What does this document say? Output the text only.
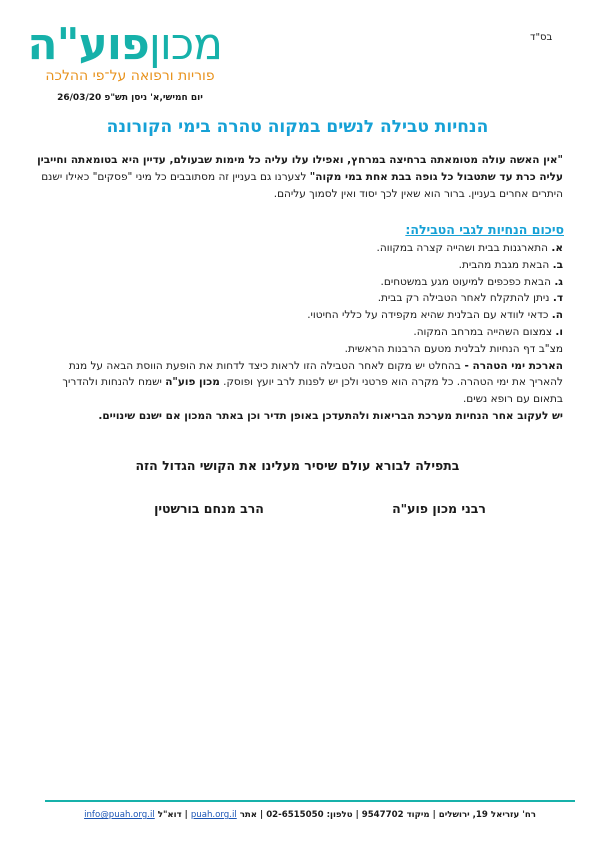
בס"ד
מכוןפוע"ה
פוריות ורפואה על־פי ההלכה
יום חמישי,א' ניסן תש"פ 26/03/20
הנחיות טבילה לנשים במקוה טהרה בימי הקורונה
"אין האשה עולה מטומאתה ברחיצה במרחץ, ואפילו עלו עליה כל מימות שבעולם, עדיין היא בטומאתה וחייבין עליה כרת עד שתטבול כל גופה בבת אחת במי מקוה" לצערנו גם בעניין זה מסתובבים כל מיני "פסקים" כאילו ישנם היתרים אחרים בעניין. ברור הוא שאין לכך יסוד ואין לסמוך עליהם.
סיכום הנחיות לגבי הטבילה:
א. התארגנות בבית ושהייה קצרה במקווה.
ב. הבאת מגבת מהבית.
ג. הבאת כפכפים למיעוט מגע במשטחים.
ד. ניתן להתקלח לאחר הטבילה רק בבית.
ה. כדאי לוודא עם הבלנית שהיא מקפידה על כללי החיטוי.
ו. צמצום השהייה במרחב המקוה.
מצ"ב דף הנחיות לבלנית מטעם הרבנות הראשית.
הארכת ימי הטהרה - בהחלט יש מקום לאחר הטבילה הזו לראות כיצד לדחות את הופעת הווסת הבאה על מנת להאריך את ימי הטהרה. כל מקרה הוא פרטני ולכן יש לפנות לרב יועץ ופוסק. מכון פוע"ה ישמח להנחות ולהדריך בתאום עם רופא נשים.
יש לעקוב אחר הנחיות מערכת הבריאות ולהתעדכן באופן תדיר וכן באתר המכון אם ישנם שינויים.
בתפילה לבורא עולם שיסיר מעלינו את הקושי הגדול הזה
רבני מכון פוע"ה
הרב מנחם בורשטין
רח' עזריאל 19, ירושלים | מיקוד 9547702 | טלפון: 02-6515050 | אתר puah.org.il | דוא"ל info@puah.org.il
